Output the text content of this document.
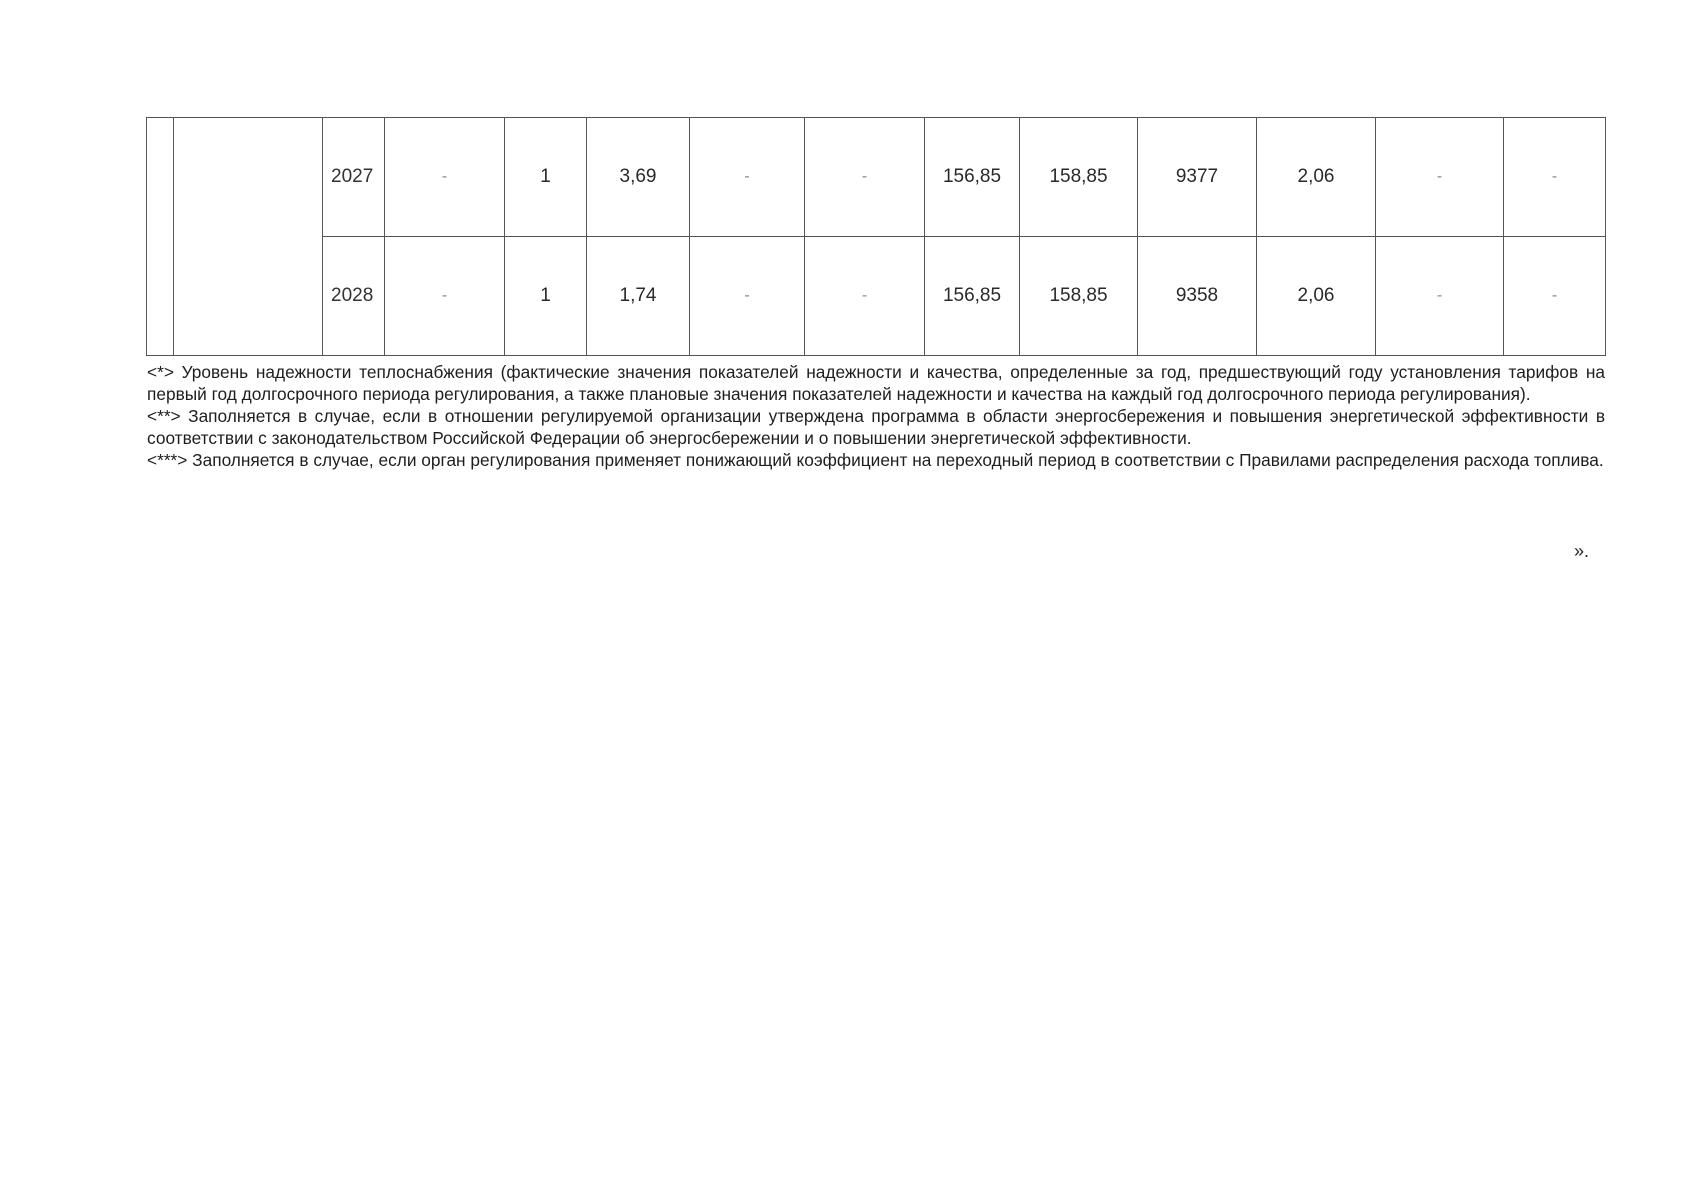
		2027	-	1	3,69	-	-	156,85	158,85	9377	2,06	-	-
		2028	-	1	1,74	-	-	156,85	158,85	9358	2,06	-	-

<*> Уровень надежности теплоснабжения (фактические значения показателей надежности и качества, определенные за год, предшествующий году установления тарифов на первый год долгосрочного периода регулирования, а также плановые значения показателей надежности и качества на каждый год долгосрочного периода регулирования).

<**> Заполняется в случае, если в отношении регулируемой организации утверждена программа в области энергосбережения и повышения энергетической эффективности в соответствии с законодательством Российской Федерации об энергосбережении и о повышении энергетической эффективности.

<***> Заполняется в случае, если орган регулирования применяет понижающий коэффициент на переходный период в соответствии с Правилами распределения расхода топлива.

».
